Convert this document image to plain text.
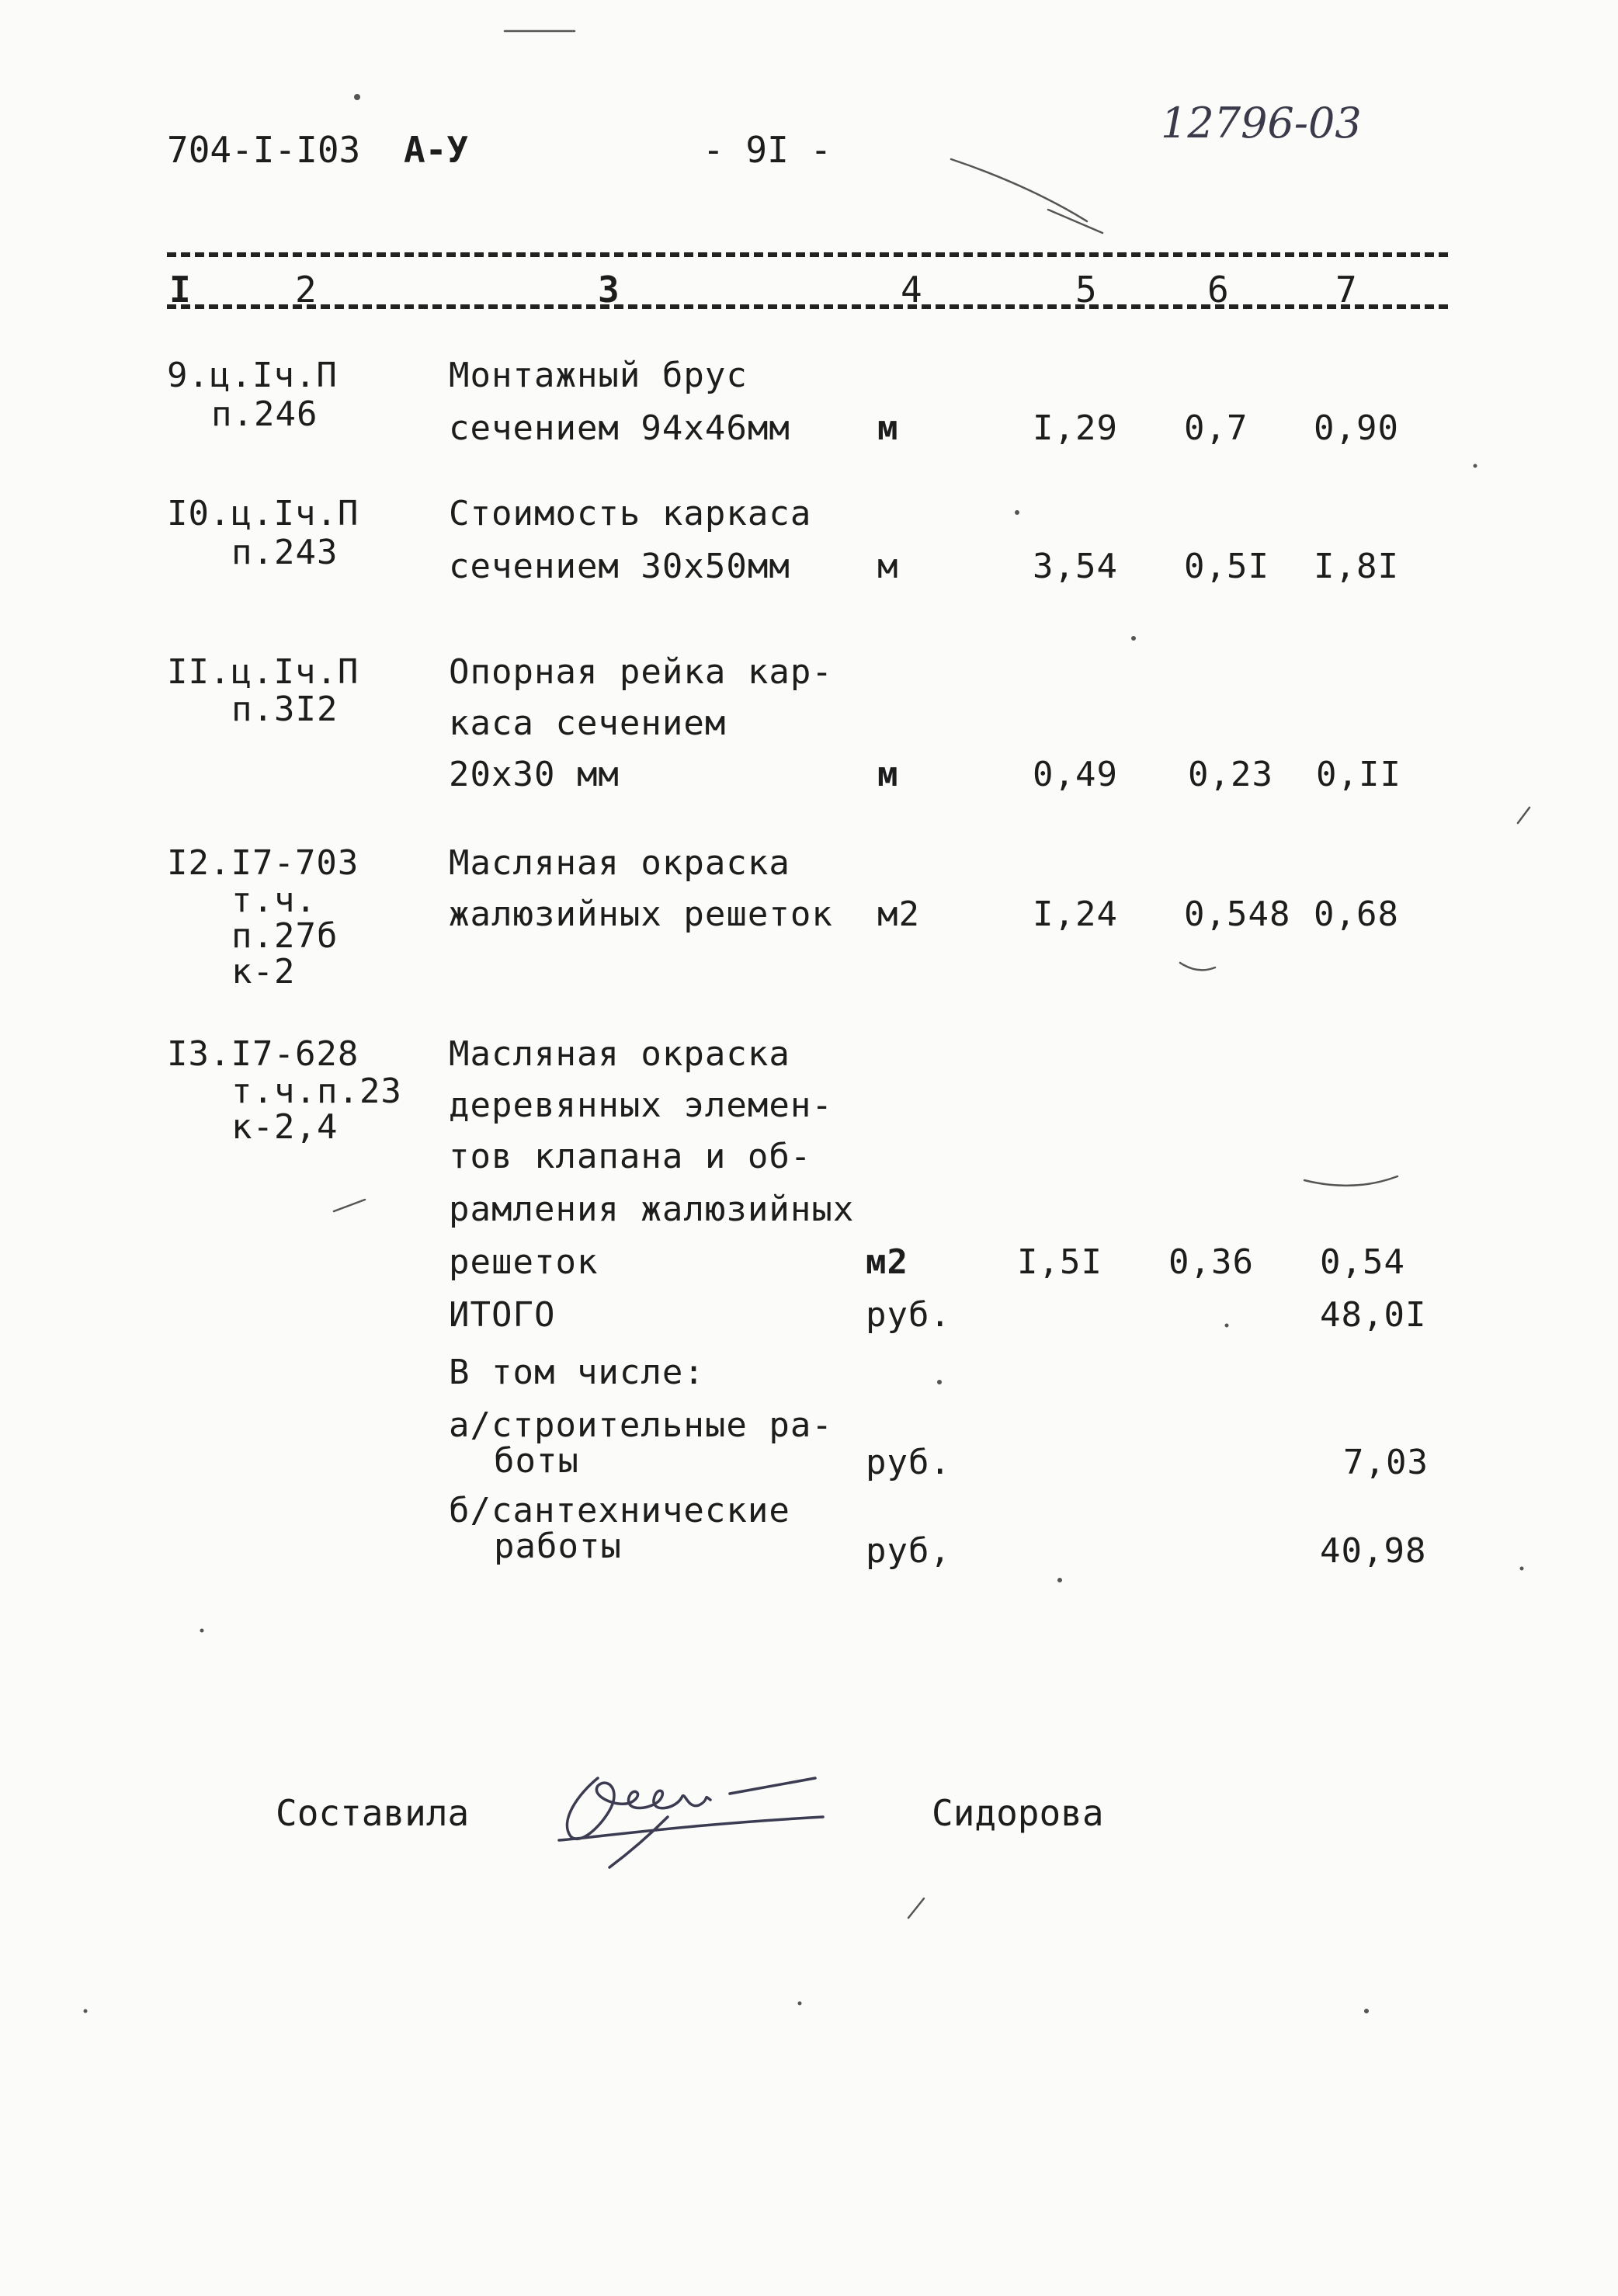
704-I-I03 А-У	- 9I -
12796-03
I	2	3	4	5	6	7
9.ц.Iч.П
п.246
Монтажный брус
сечением 94х46мм	м	I,29 0,7 0,90
I0.ц.Iч.П
п.243
Стоимость каркаса
сечением 30х50мм	м	3,54 0,5I I,8I
II.ц.Iч.П
п.3I2
Опорная рейка кар-
каса сечением
20х30 мм	м	0,49 0,23 0,II
I2.I7-703
т.ч.
п.27б
к-2
Масляная окраска
жалюзийных решеток м2	I,24 0,548 0,68
I3.I7-628
т.ч.п.23
к-2,4
Масляная окраска
деревянных элемен-
тов клапана и об-
рамления жалюзийных
решеток	м2	I,5I 0,36 0,54
ИТОГО	руб.	48,0I
В том числе:
а/строительные ра-
боты	руб.	7,03
б/сантехнические
работы	руб,	40,98
Составила	Сидорова
